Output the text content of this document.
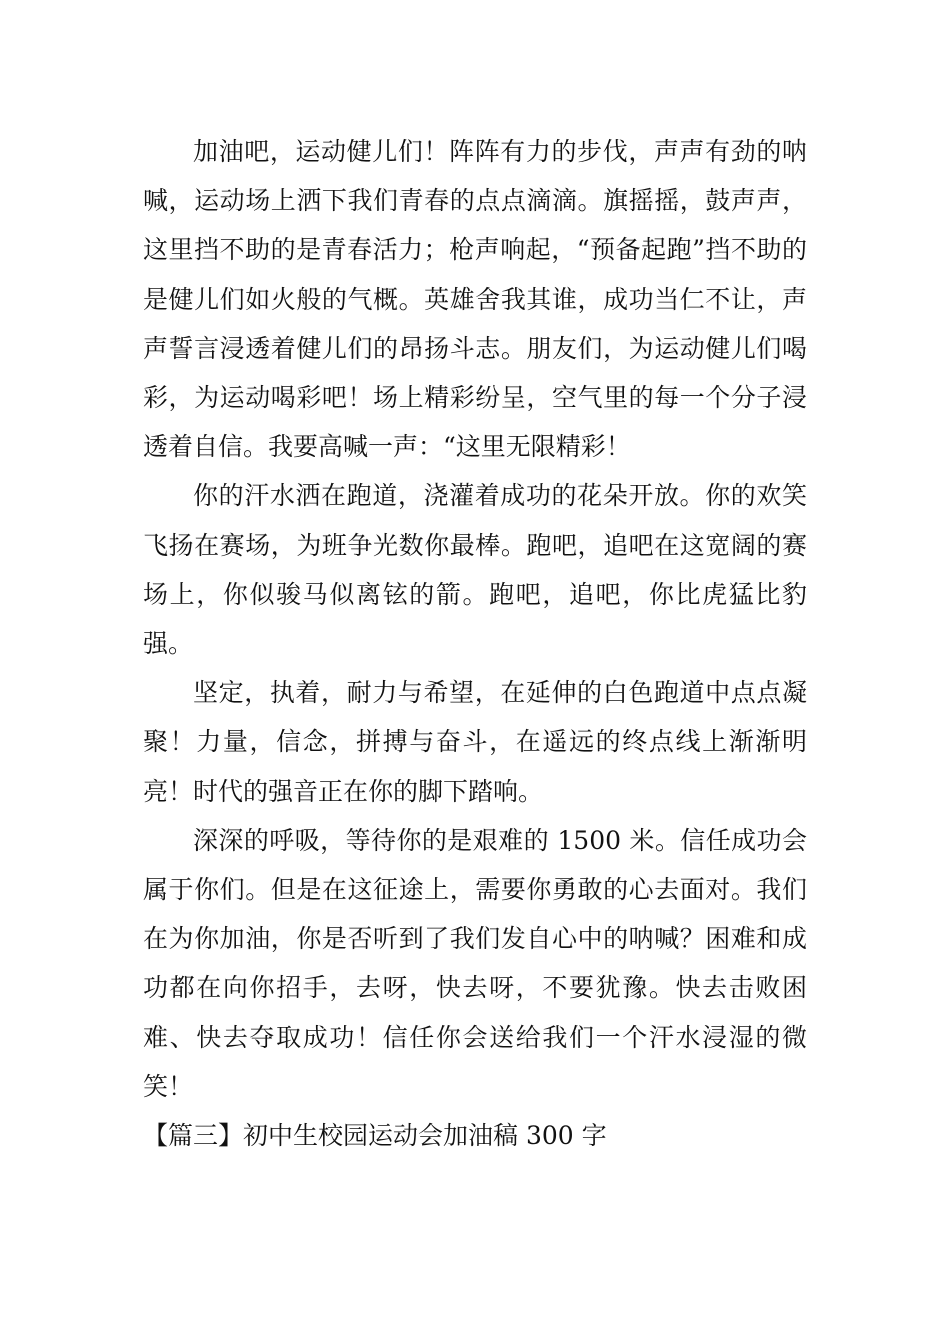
加油吧，运动健儿们！阵阵有力的步伐，声声有劲的呐喊，运动场上洒下我们青春的点点滴滴。旗摇摇，鼓声声，这里挡不助的是青春活力；枪声响起，“预备起跑”挡不助的是健儿们如火般的气概。英雄舍我其谁，成功当仁不让，声声誓言浸透着健儿们的昂扬斗志。朋友们，为运动健儿们喝彩，为运动喝彩吧！场上精彩纷呈，空气里的每一个分子浸透着自信。我要高喊一声：“这里无限精彩！

你的汗水洒在跑道，浇灌着成功的花朵开放。你的欢笑飞扬在赛场，为班争光数你最棒。跑吧，追吧在这宽阔的赛场上，你似骏马似离铉的箭。跑吧，追吧，你比虎猛比豹强。

坚定，执着，耐力与希望，在延伸的白色跑道中点点凝聚！力量，信念，拼搏与奋斗，在遥远的终点线上渐渐明亮！时代的强音正在你的脚下踏响。

深深的呼吸，等待你的是艰难的 1500 米。信任成功会属于你们。但是在这征途上，需要你勇敢的心去面对。我们在为你加油，你是否听到了我们发自心中的呐喊？困难和成功都在向你招手，去呀，快去呀，不要犹豫。快去击败困难、快去夺取成功！信任你会送给我们一个汗水浸湿的微笑！

【篇三】初中生校园运动会加油稿 300 字
